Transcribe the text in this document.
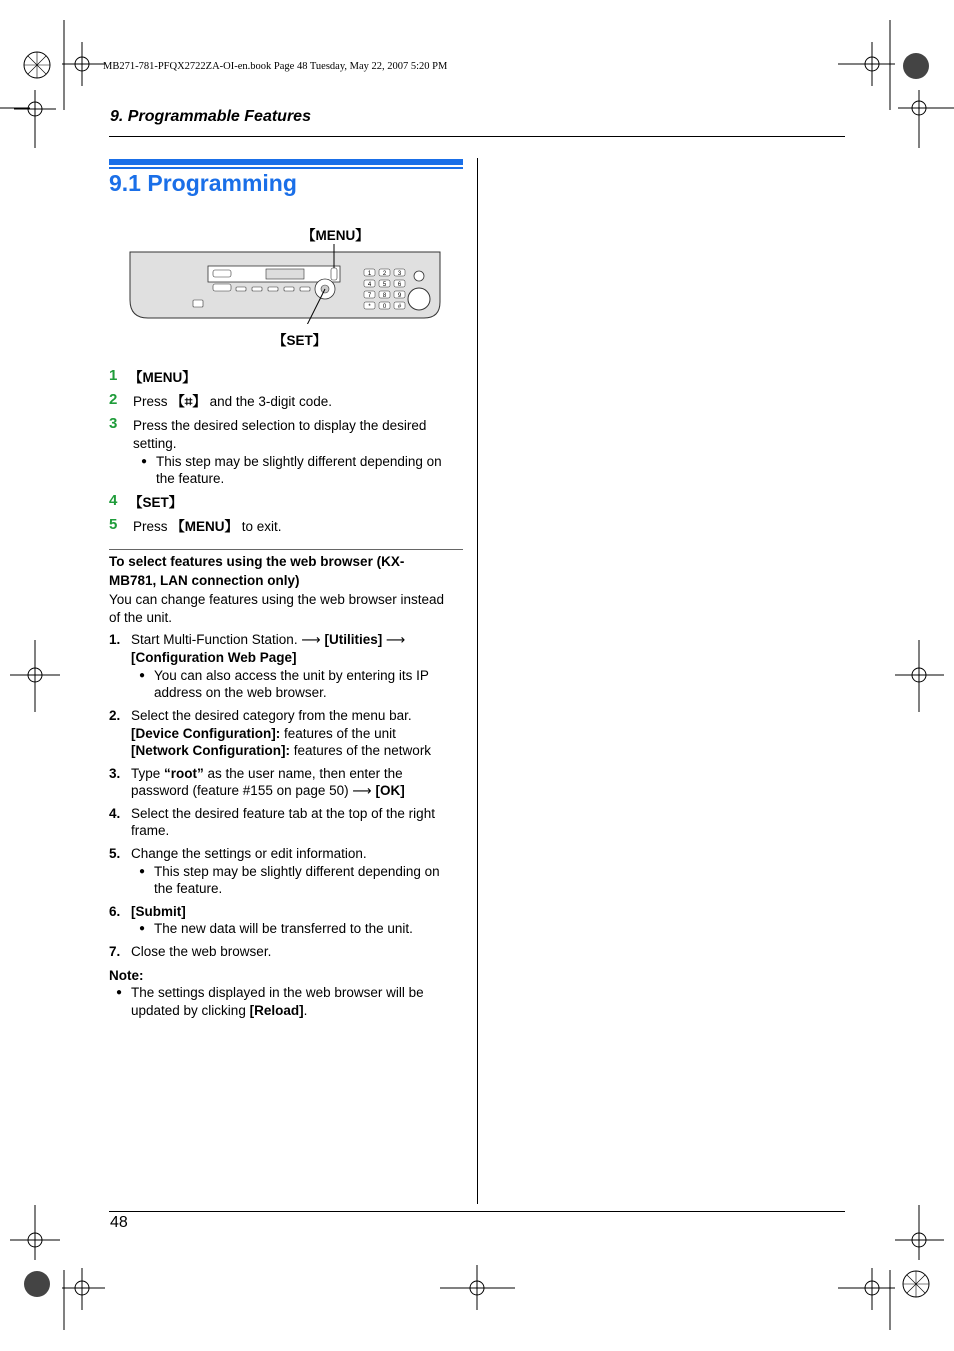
MB271-781-PFQX2722ZA-OI-en.book Page 48 Tuesday, May 22, 2007 5:20 PM
9. Programmable Features
9.1 Programming
【MENU】
【SET】
1 2 3
4 5 6
7 8 9
* 0 #
1 【MENU】
2 Press 【⌗】 and the 3-digit code.
3 Press the desired selection to display the desired
setting.
● This step may be slightly different depending on
the feature.
4 【SET】
5 Press 【MENU】 to exit.
To select features using the web browser (KX-
MB781, LAN connection only)
You can change features using the web browser instead
of the unit.
1. Start Multi-Function Station. ⟶ [Utilities] ⟶
[Configuration Web Page]
● You can also access the unit by entering its IP
address on the web browser.
2. Select the desired category from the menu bar.
[Device Configuration]: features of the unit
[Network Configuration]: features of the network
3. Type “root” as the user name, then enter the
password (feature #155 on page 50) ⟶ [OK]
4. Select the desired feature tab at the top of the right
frame.
5. Change the settings or edit information.
● This step may be slightly different depending on
the feature.
6. [Submit]
● The new data will be transferred to the unit.
7. Close the web browser.
Note:
● The settings displayed in the web browser will be
updated by clicking [Reload].
48
